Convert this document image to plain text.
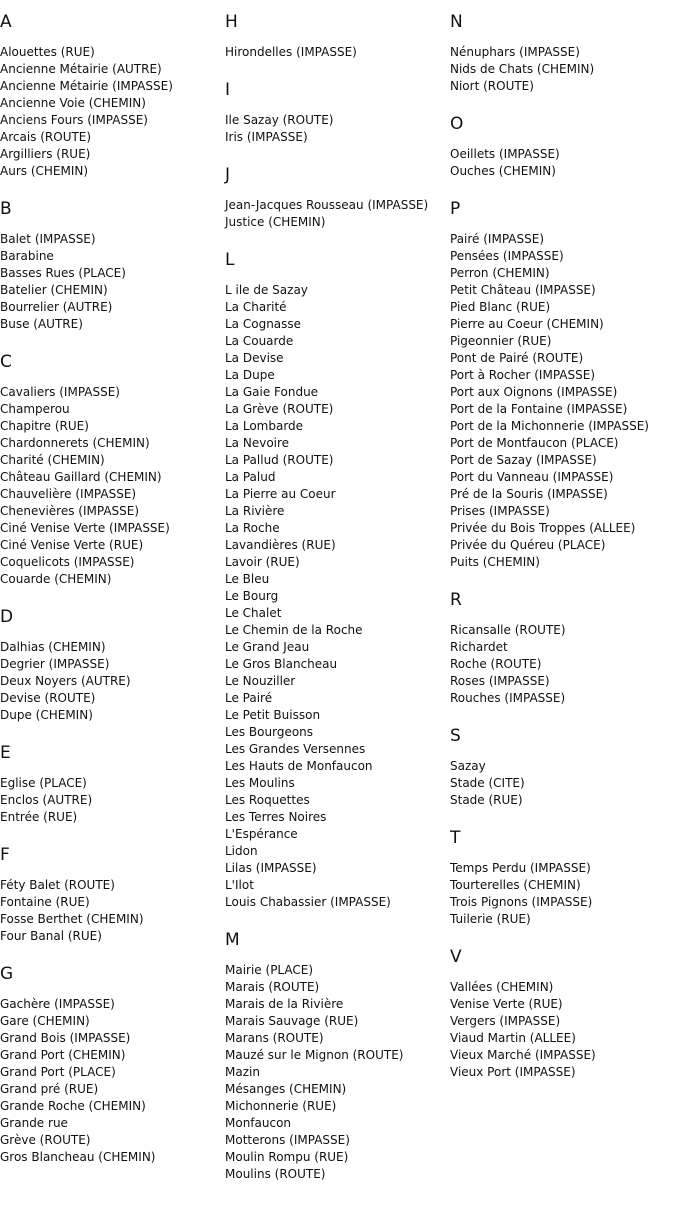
A
Alouettes (RUE)
Ancienne Métairie (AUTRE)
Ancienne Métairie (IMPASSE)
Ancienne Voie (CHEMIN)
Anciens Fours (IMPASSE)
Arcais (ROUTE)
Argilliers (RUE)
Aurs (CHEMIN)
B
Balet (IMPASSE)
Barabine
Basses Rues (PLACE)
Batelier (CHEMIN)
Bourrelier (AUTRE)
Buse (AUTRE)
C
Cavaliers (IMPASSE)
Champerou
Chapitre (RUE)
Chardonnerets (CHEMIN)
Charité (CHEMIN)
Château Gaillard (CHEMIN)
Chauvelière (IMPASSE)
Chenevières (IMPASSE)
Ciné Venise Verte (IMPASSE)
Ciné Venise Verte (RUE)
Coquelicots (IMPASSE)
Couarde (CHEMIN)
D
Dalhias (CHEMIN)
Degrier (IMPASSE)
Deux Noyers (AUTRE)
Devise (ROUTE)
Dupe (CHEMIN)
E
Eglise (PLACE)
Enclos (AUTRE)
Entrée (RUE)
F
Féty Balet (ROUTE)
Fontaine (RUE)
Fosse Berthet (CHEMIN)
Four Banal (RUE)
G
Gachère (IMPASSE)
Gare (CHEMIN)
Grand Bois (IMPASSE)
Grand Port (CHEMIN)
Grand Port (PLACE)
Grand pré (RUE)
Grande Roche (CHEMIN)
Grande rue
Grève (ROUTE)
Gros Blancheau (CHEMIN)
H
Hirondelles (IMPASSE)
I
Ile Sazay (ROUTE)
Iris (IMPASSE)
J
Jean-Jacques Rousseau (IMPASSE)
Justice (CHEMIN)
L
L ile de Sazay
La Charité
La Cognasse
La Couarde
La Devise
La Dupe
La Gaie Fondue
La Grève (ROUTE)
La Lombarde
La Nevoire
La Pallud (ROUTE)
La Palud
La Pierre au Coeur
La Rivière
La Roche
Lavandières (RUE)
Lavoir (RUE)
Le Bleu
Le Bourg
Le Chalet
Le Chemin de la Roche
Le Grand Jeau
Le Gros Blancheau
Le Nouziller
Le Pairé
Le Petit Buisson
Les Bourgeons
Les Grandes Versennes
Les Hauts de Monfaucon
Les Moulins
Les Roquettes
Les Terres Noires
L'Espérance
Lidon
Lilas (IMPASSE)
L'Ilot
Louis Chabassier (IMPASSE)
M
Mairie (PLACE)
Marais (ROUTE)
Marais de la Rivière
Marais Sauvage (RUE)
Marans (ROUTE)
Mauzé sur le Mignon (ROUTE)
Mazin
Mésanges (CHEMIN)
Michonnerie (RUE)
Monfaucon
Motterons (IMPASSE)
Moulin Rompu (RUE)
Moulins (ROUTE)
N
Nénuphars (IMPASSE)
Nids de Chats (CHEMIN)
Niort (ROUTE)
O
Oeillets (IMPASSE)
Ouches (CHEMIN)
P
Pairé (IMPASSE)
Pensées (IMPASSE)
Perron (CHEMIN)
Petit Château (IMPASSE)
Pied Blanc (RUE)
Pierre au Coeur (CHEMIN)
Pigeonnier (RUE)
Pont de Pairé (ROUTE)
Port à Rocher (IMPASSE)
Port aux Oignons (IMPASSE)
Port de la Fontaine (IMPASSE)
Port de la Michonnerie (IMPASSE)
Port de Montfaucon (PLACE)
Port de Sazay (IMPASSE)
Port du Vanneau (IMPASSE)
Pré de la Souris (IMPASSE)
Prises (IMPASSE)
Privée du Bois Troppes (ALLEE)
Privée du Quéreu (PLACE)
Puits (CHEMIN)
R
Ricansalle (ROUTE)
Richardet
Roche (ROUTE)
Roses (IMPASSE)
Rouches (IMPASSE)
S
Sazay
Stade (CITE)
Stade (RUE)
T
Temps Perdu (IMPASSE)
Tourterelles (CHEMIN)
Trois Pignons (IMPASSE)
Tuilerie (RUE)
V
Vallées (CHEMIN)
Venise Verte (RUE)
Vergers (IMPASSE)
Viaud Martin (ALLEE)
Vieux Marché (IMPASSE)
Vieux Port (IMPASSE)
